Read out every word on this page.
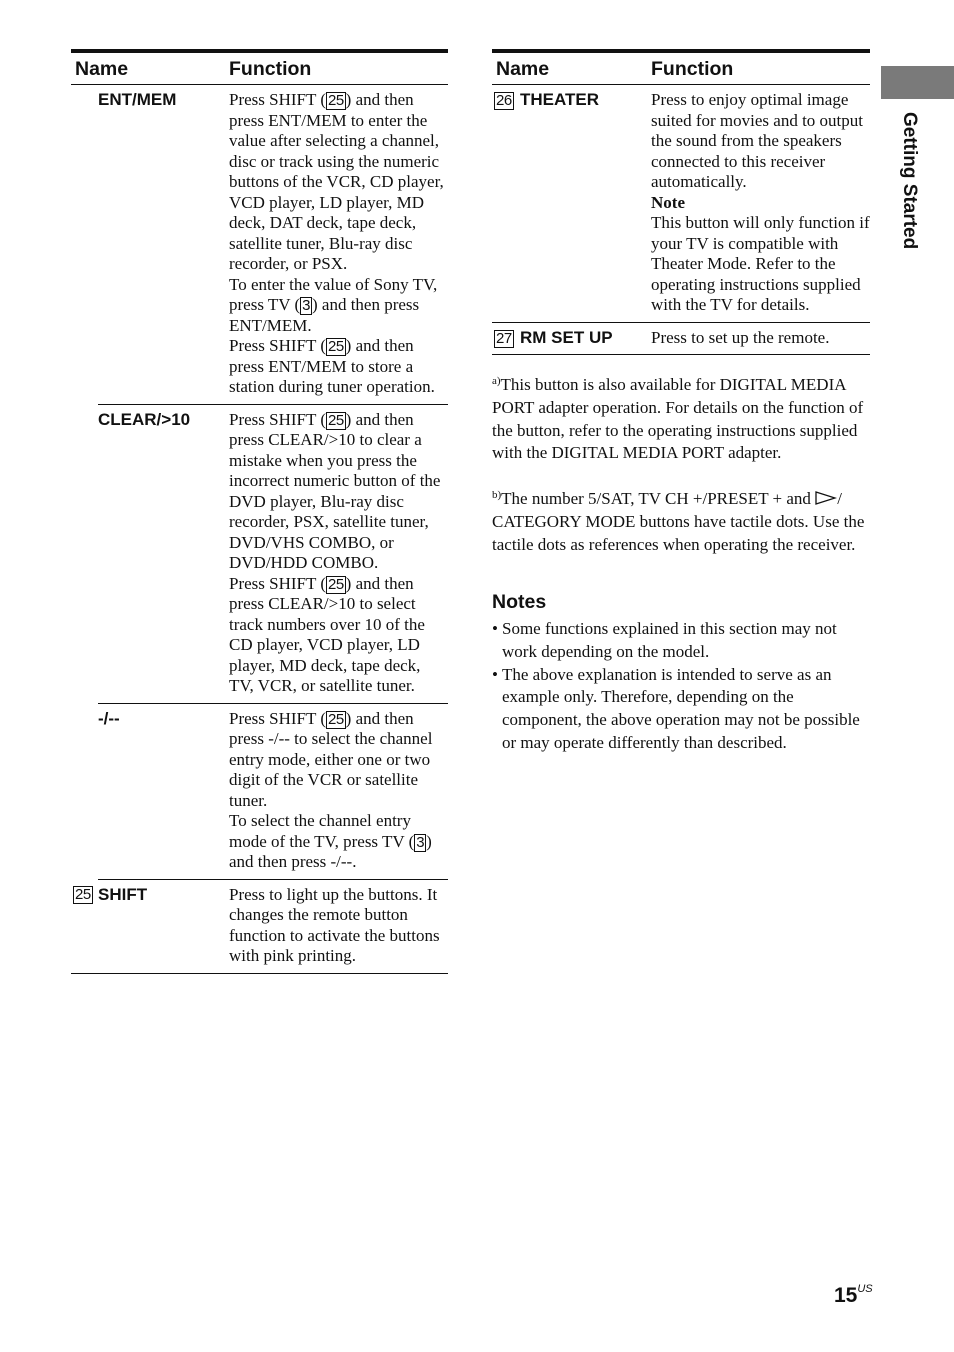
Name		Function
	ENT/MEM	Press SHIFT ( 25 ) and then press ENT/MEM to enter the value after selecting a channel, disc or track using the numeric buttons of the VCR, CD player, VCD player, LD player, MD deck, DAT deck, tape deck, satellite tuner, Blu-ray disc recorder, or PSX.
To enter the value of Sony TV, press TV ( 3 ) and then press ENT/MEM.
Press SHIFT ( 25 ) and then press ENT/MEM to store a station during tuner operation.

	CLEAR/>10	Press SHIFT ( 25 ) and then press CLEAR/>10 to clear a mistake when you press the incorrect numeric button of the DVD player, Blu-ray disc recorder, PSX, satellite tuner, DVD/VHS COMBO, or DVD/HDD COMBO.
Press SHIFT ( 25 ) and then press CLEAR/>10 to select track numbers over 10 of the CD player, VCD player, LD player, MD deck, tape deck, TV, VCR, or satellite tuner.

	-/--	Press SHIFT ( 25 ) and then press -/-- to select the channel entry mode, either one or two digit of the VCR or satellite tuner.
To select the channel entry mode of the TV, press TV ( 3 ) and then press -/--.

25	SHIFT	Press to light up the buttons. It changes the remote button function to activate the buttons with pink printing.
Name		Function
26	THEATER	Press to enjoy optimal image suited for movies and to output the sound from the speakers connected to this receiver automatically.
Note
This button will only function if your TV is compatible with Theater Mode. Refer to the operating instructions supplied with the TV for details.

27	RM SET UP	Press to set up the remote.
$^{a)}$This button is also available for DIGITAL MEDIA PORT adapter operation. For details on the function of the button, refer to the operating instructions supplied with the DIGITAL MEDIA PORT adapter.
$^{b)}$The number 5/SAT, TV CH +/PRESET + and / CATEGORY MODE buttons have tactile dots. Use the tactile dots as references when operating the receiver.
Notes
• Some functions explained in this section may not work depending on the model.
• The above explanation is intended to serve as an example only. Therefore, depending on the component, the above operation may not be possible or may operate differently than described.
Getting Started
$15^{US}$
